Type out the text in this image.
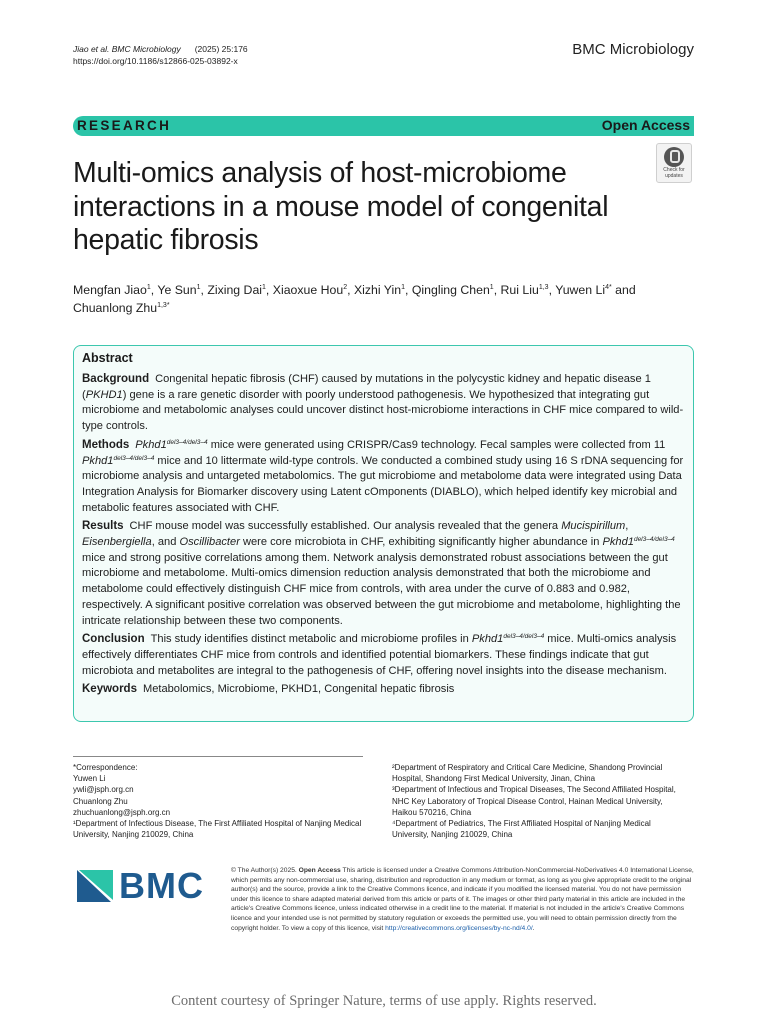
Jiao et al. BMC Microbiology (2025) 25:176
https://doi.org/10.1186/s12866-025-03892-x
BMC Microbiology
RESEARCH	Open Access
Multi-omics analysis of host-microbiome interactions in a mouse model of congenital hepatic fibrosis
Check for
updates
Mengfan Jiao$^1$, Ye Sun$^1$, Zixing Dai$^1$, Xiaoxue Hou$^2$, Xizhi Yin$^1$, Qingling Chen$^1$, Rui Liu$^{1,3}$, Yuwen $Li^{4*}$ and
Chuanlong Zhu$^{1,3*}$
Abstract

Background Congenital hepatic fibrosis (CHF) caused by mutations in the polycystic kidney and hepatic disease 1 (PKHD1) gene is a rare genetic disorder with poorly understood pathogenesis. We hypothesized that integrating gut microbiome and metabolomic analyses could uncover distinct host-microbiome interactions in CHF mice compared to wild-type controls.

Methods $Pkhd1^{del3-4/del3-4}$ mice were generated using CRISPR/Cas9 technology. Fecal samples were collected from 11 $Pkhd1^{del3-4/del3-4}$ mice and 10 littermate wild-type controls. We conducted a combined study using 16 S rDNA sequencing for microbiome analysis and untargeted metabolomics. The gut microbiome and metabolome data were integrated using Data Integration Analysis for Biomarker discovery using Latent cOmponents (DIABLO), which helped identify key microbial and metabolic features associated with CHF.

Results CHF mouse model was successfully established. Our analysis revealed that the genera Mucispirillum, Eisenbergiella, and Oscillibacter were core microbiota in CHF, exhibiting significantly higher abundance in $Pkhd1^{del3-4/del3-4}$ mice and strong positive correlations among them. Network analysis demonstrated robust associations between the gut microbiome and metabolome. Multi-omics dimension reduction analysis demonstrated that both the microbiome and metabolome could effectively distinguish CHF mice from controls, with area under the curve of 0.883 and 0.982, respectively. A significant positive correlation was observed between the gut microbiome and metabolome, highlighting the intricate relationship between these two components.

Conclusion This study identifies distinct metabolic and microbiome profiles in $Pkhd1^{del3-4/del3-4}$ mice. Multi-omics analysis effectively differentiates CHF mice from controls and identified potential biomarkers. These findings indicate that gut microbiota and metabolites are integral to the pathogenesis of CHF, offering novel insights into the disease mechanism.

Keywords Metabolomics, Microbiome, PKHD1, Congenital hepatic fibrosis

*Correspondence:
Yuwen Li
ywli@jsph.org.cn
Chuanlong Zhu
zhuchuanlong@jsph.org.cn
¹Department of Infectious Disease, The First Affiliated Hospital of Nanjing Medical University, Nanjing 210029, China
²Department of Respiratory and Critical Care Medicine, Shandong Provincial Hospital, Shandong First Medical University, Jinan, China
³Department of Infectious and Tropical Diseases, The Second Affiliated Hospital, NHC Key Laboratory of Tropical Disease Control, Hainan Medical University, Haikou 570216, China
⁴Department of Pediatrics, The First Affiliated Hospital of Nanjing Medical University, Nanjing 210029, China
BMC	© The Author(s) 2025. Open Access This article is licensed under a Creative Commons Attribution-NonCommercial-NoDerivatives 4.0 International License, which permits any non-commercial use, sharing, distribution and reproduction in any medium or format, as long as you give appropriate credit to the original author(s) and the source, provide a link to the Creative Commons licence, and indicate if you modified the licensed material. You do not have permission under this licence to share adapted material derived from this article or parts of it. The images or other third party material in this article are included in the article's Creative Commons licence, unless indicated otherwise in a credit line to the material. If material is not included in the article's Creative Commons licence and your intended use is not permitted by statutory regulation or exceeds the permitted use, you will need to obtain permission directly from the copyright holder. To view a copy of this licence, visit http://creativecommons.org/licenses/by-nc-nd/4.0/.
Content courtesy of Springer Nature, terms of use apply. Rights reserved.
